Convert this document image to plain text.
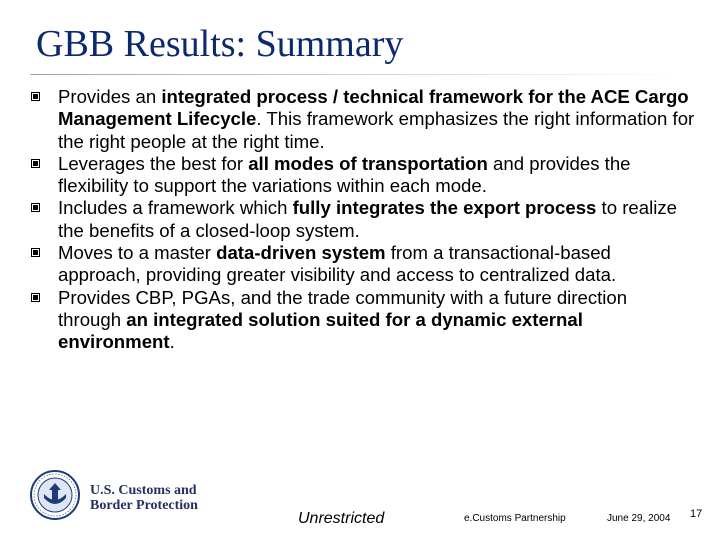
GBB Results: Summary
Provides an integrated process / technical framework for the ACE Cargo Management Lifecycle. This framework emphasizes the right information for the right people at the right time.
Leverages the best for all modes of transportation and provides the flexibility to support the variations within each mode.
Includes a framework which fully integrates the export process to realize the benefits of a closed-loop system.
Moves to a master data-driven system from a transactional-based approach, providing greater visibility and access to centralized data.
Provides CBP, PGAs, and the trade community with a future direction through an integrated solution suited for a dynamic external environment.
U.S. Customs and
Border Protection
Unrestricted	e.Customs Partnership	June 29, 2004 17
